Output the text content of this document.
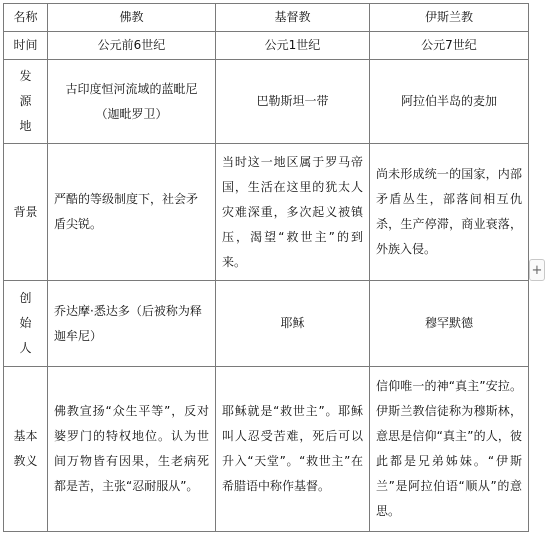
名称	佛教	基督教	伊斯兰教
时间	公元前6世纪	公元1世纪	公元7世纪
发源地	古印度恒河流域的蓝毗尼（迦毗罗卫）	巴勒斯坦一带	阿拉伯半岛的麦加
背景	严酷的等级制度下，社会矛盾尖锐。	当时这一地区属于罗马帝国，生活在这里的犹太人灾难深重，多次起义被镇压，渴望“救世主”的到来。	尚未形成统一的国家，内部矛盾丛生，部落间相互仇杀，生产停滞，商业衰落，外族入侵。
创始人	乔达摩·悉达多（后被称为释迦牟尼）	耶稣	穆罕默德
基本教义	佛教宣扬“众生平等”，反对婆罗门的特权地位。认为世间万物皆有因果，生老病死都是苦，主张“忍耐服从”。	耶稣就是“救世主”。耶稣叫人忍受苦难，死后可以升入“天堂”。“救世主”在希腊语中称作基督。	信仰唯一的神“真主”安拉。伊斯兰教信徒称为穆斯林，意思是信仰“真主”的人，彼此都是兄弟姊妹。“伊斯兰”是阿拉伯语“顺从”的意思。
+
